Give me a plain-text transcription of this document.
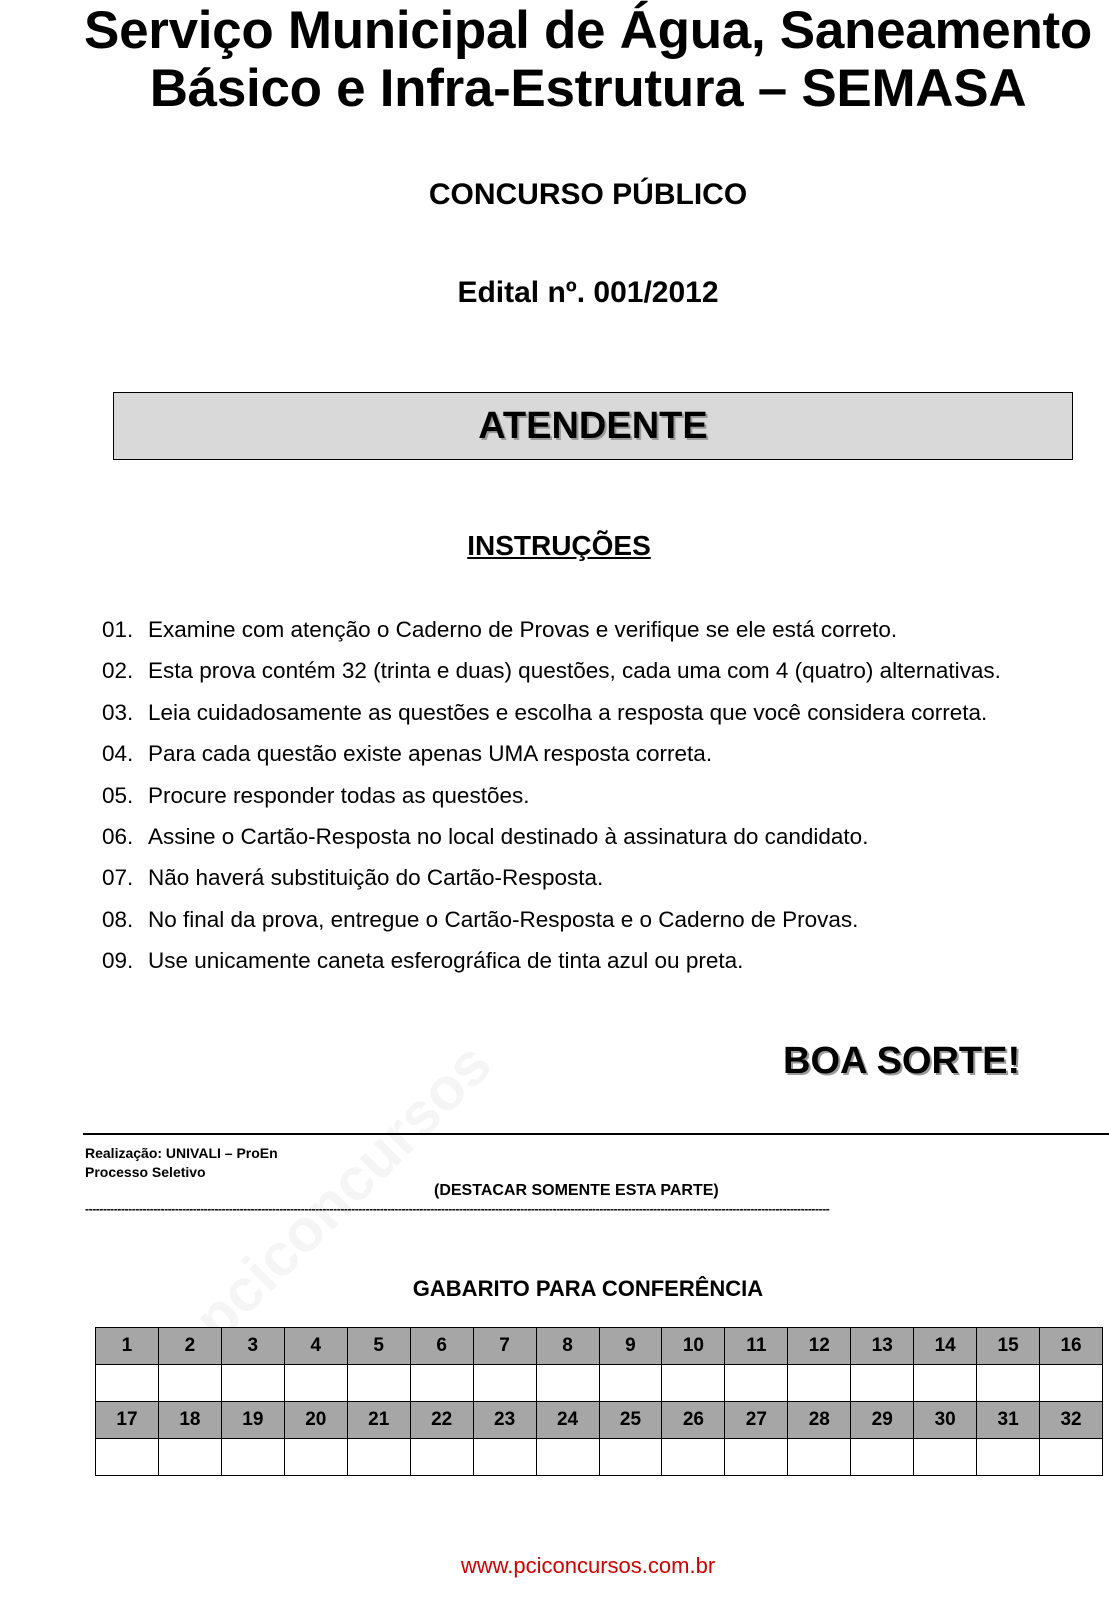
Serviço Municipal de Água, Saneamento
Básico e Infra-Estrutura – SEMASA
CONCURSO PÚBLICO
Edital nº. 001/2012
ATENDENTE
INSTRUÇÕES
01. Examine com atenção o Caderno de Provas e verifique se ele está correto.
02. Esta prova contém 32 (trinta e duas) questões, cada uma com 4 (quatro) alternativas.
03. Leia cuidadosamente as questões e escolha a resposta que você considera correta.
04. Para cada questão existe apenas UMA resposta correta.
05. Procure responder todas as questões.
06. Assine o Cartão-Resposta no local destinado à assinatura do candidato.
07. Não haverá substituição do Cartão-Resposta.
08. No final da prova, entregue o Cartão-Resposta e o Caderno de Provas.
09. Use unicamente caneta esferográfica de tinta azul ou preta.
BOA SORTE!
Realização: UNIVALI – ProEn
Processo Seletivo
(DESTACAR SOMENTE ESTA PARTE)
---------------------------------------------------------------------------------------------------------------------------------------------------------------------------------------------------------------
GABARITO PARA CONFERÊNCIA
1	2	3	4	5	6	7	8	9	10	11	12	13	14	15	16

17	18	19	20	21	22	23	24	25	26	27	28	29	30	31	32

www.pciconcursos.com.br
